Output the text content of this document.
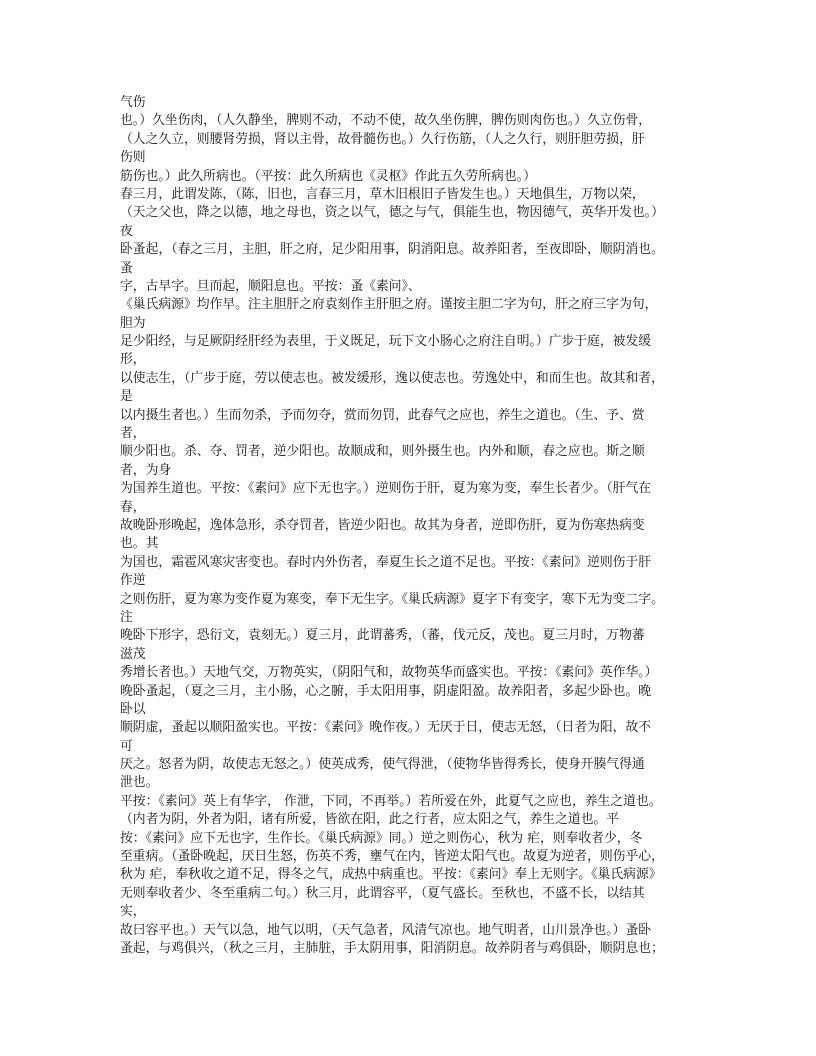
气伤
也。）久坐伤肉，（人久静坐，脾则不动，不动不使，故久坐伤脾，脾伤则肉伤也。）久立伤骨，
（人之久立，则腰肾劳损，肾以主骨，故骨髓伤也。）久行伤筋，（人之久行，则肝胆劳损，肝
伤则
筋伤也。）此久所病也。（平按：此久所病也《灵枢》作此五久劳所病也。）
春三月，此谓发陈，（陈，旧也，言春三月，草木旧根旧子皆发生也。）天地俱生，万物以荣，
（天之父也，降之以德，地之母也，资之以气，德之与气，俱能生也，物因德气，英华开发也。）
夜
卧蚤起，（春之三月，主胆，肝之府，足少阳用事，阴消阳息。故养阳者，至夜即卧，顺阴消也。
蚤
字，古早字。旦而起，顺阳息也。平按：蚤《素问》、
《巢氏病源》均作早。注主胆肝之府袁刻作主肝胆之府。谨按主胆二字为句，肝之府三字为句，
胆为
足少阳经，与足厥阴经肝经为表里，于义既足，玩下文小肠心之府注自明。）广步于庭，被发缓
形，
以使志生，（广步于庭，劳以使志也。被发缓形，逸以使志也。劳逸处中，和而生也。故其和者，
是
以内摄生者也。）生而勿杀，予而勿夺，赏而勿罚，此春气之应也，养生之道也。（生、予、赏
者，
顺少阳也。杀、夺、罚者，逆少阳也。故顺成和，则外摄生也。内外和顺，春之应也。斯之顺
者，为身
为国养生道也。平按：《素问》应下无也字。）逆则伤于肝，夏为寒为变，奉生长者少。（肝气在
春，
故晚卧形晚起，逸体急形，杀夺罚者，皆逆少阳也。故其为身者，逆即伤肝，夏为伤寒热病变
也。其
为国也，霜雹风寒灾害变也。春时内外伤者，奉夏生长之道不足也。平按：《素问》逆则伤于肝
作逆
之则伤肝，夏为寒为变作夏为寒变，奉下无生字。《巢氏病源》夏字下有变字，寒下无为变二字。
注
晚卧下形字，恐衍文，袁刻无。）夏三月，此谓蕃秀，（蕃，伐元反，茂也。夏三月时，万物蕃
滋茂
秀增长者也。）天地气交，万物英实，（阴阳气和，故物英华而盛实也。平按：《素问》英作华。）
晚卧蚤起，（夏之三月，主小肠，心之腑，手太阳用事，阴虚阳盈。故养阳者，多起少卧也。晚
卧以
顺阴虚，蚤起以顺阳盈实也。平按：《素问》晚作夜。）无厌于日，使志无怒，（日者为阳，故不
可
厌之。怒者为阴，故使志无怒之。）使英成秀，使气得泄，（使物华皆得秀长，使身开腠气得通
泄也。
平按：《素问》英上有华字， 作泄，下同，不再举。）若所爱在外，此夏气之应也，养生之道也。
（内者为阴，外者为阳，诸有所爱，皆欲在阳，此之行者，应太阳之气，养生之道也。平
按：《素问》应下无也字，生作长。《巢氏病源》同。）逆之则伤心，秋为 疟，则奉收者少，冬
至重病。（蚤卧晚起，厌日生怒，伤英不秀，壅气在内，皆逆太阳气也。故夏为逆者，则伤乎心，
秋为 疟，奉秋收之道不足，得冬之气，成热中病重也。平按：《素问》奉上无则字。《巢氏病源》
无则奉收者少、冬至重病二句。）秋三月，此谓容平，（夏气盛长。至秋也，不盛不长，以结其
实，
故曰容平也。）天气以急，地气以明，（天气急者，风清气凉也。地气明者，山川景净也。）蚤卧
蚤起，与鸡俱兴，（秋之三月，主肺脏，手太阴用事，阳消阴息。故养阴者与鸡俱卧，顺阴息也；
